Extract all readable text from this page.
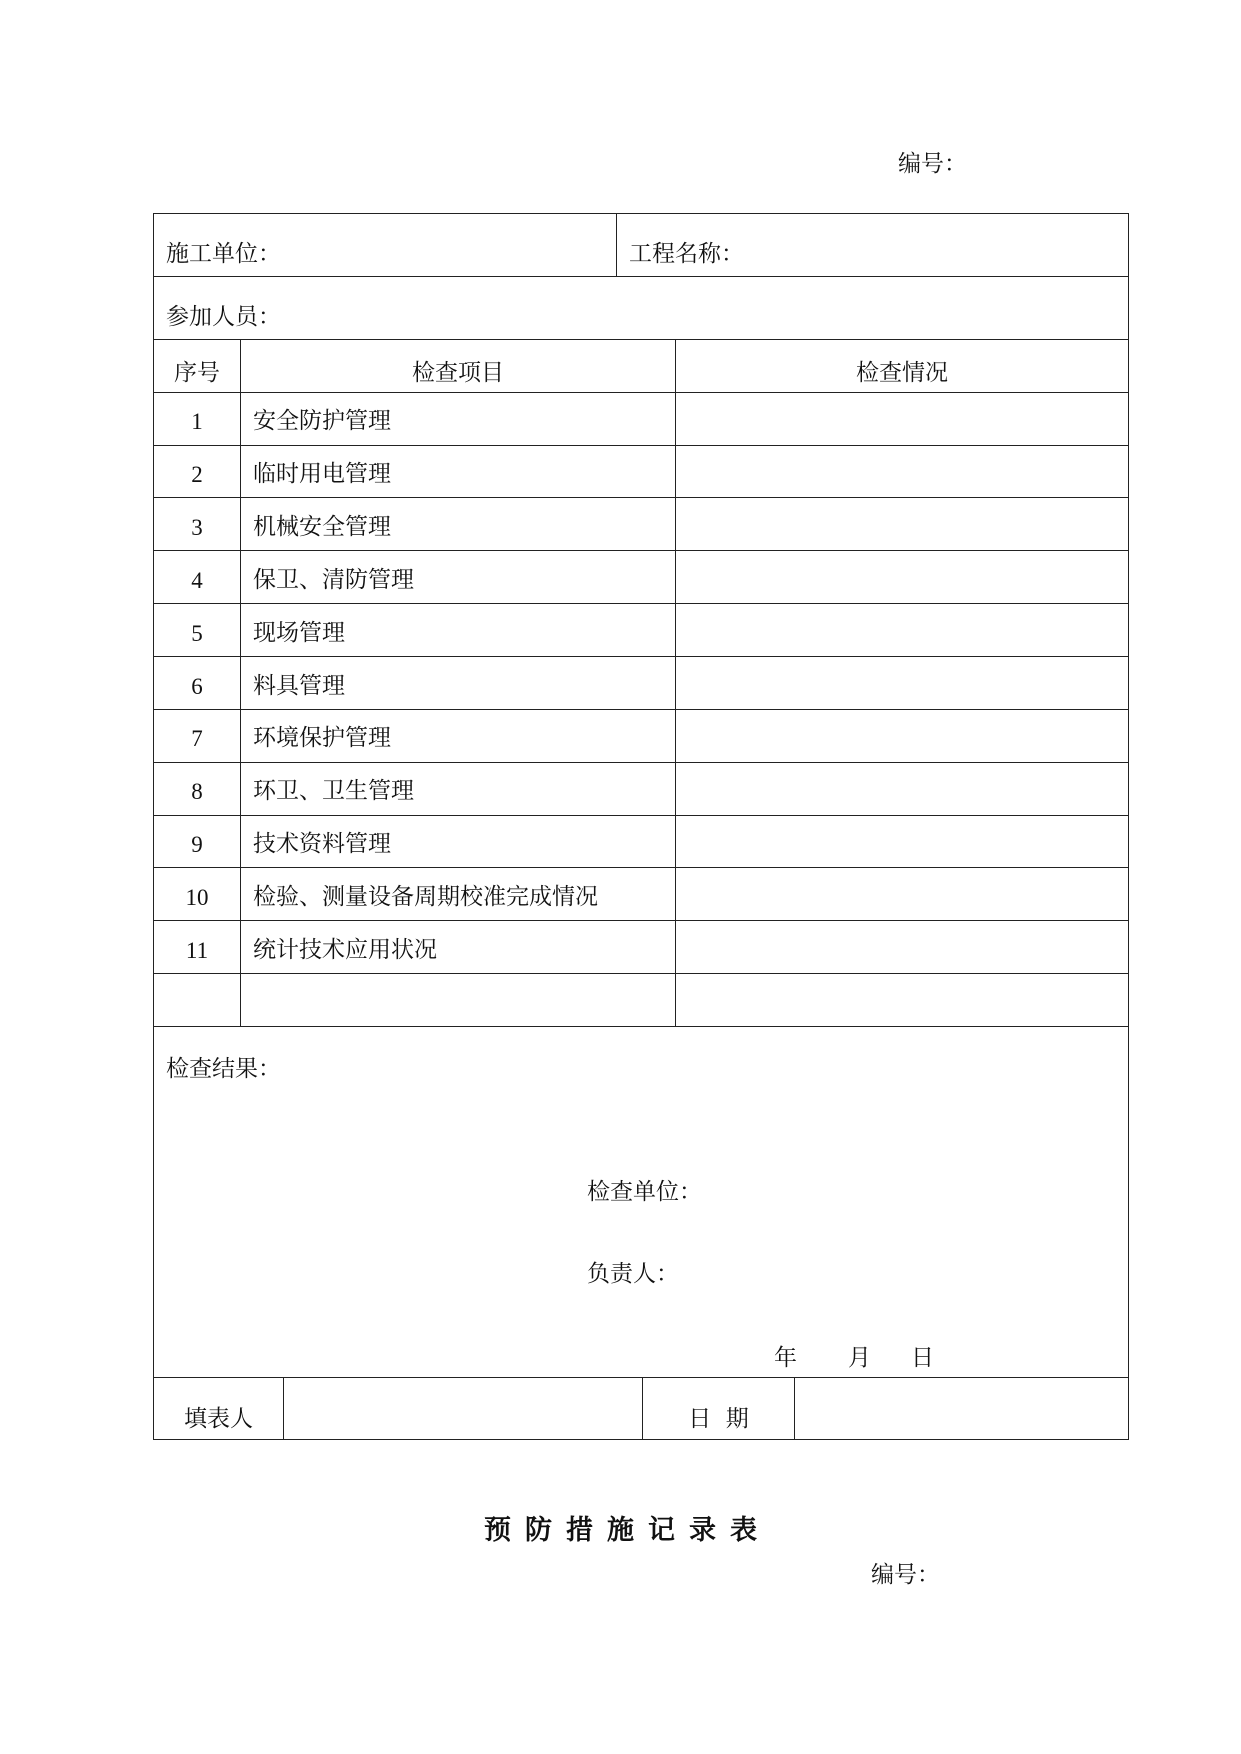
编号：
施工单位：	工程名称：
参加人员：
序号	检查项目	检查情况
1	安全防护管理
2	临时用电管理
3	机械安全管理
4	保卫、清防管理
5	现场管理
6	料具管理
7	环境保护管理
8	环卫、卫生管理
9	技术资料管理
10	检验、测量设备周期校准完成情况
11	统计技术应用状况
检查结果：
检查单位：
负责人：
年 月 日
填表人	日  期
预防措施记录表
编号：
